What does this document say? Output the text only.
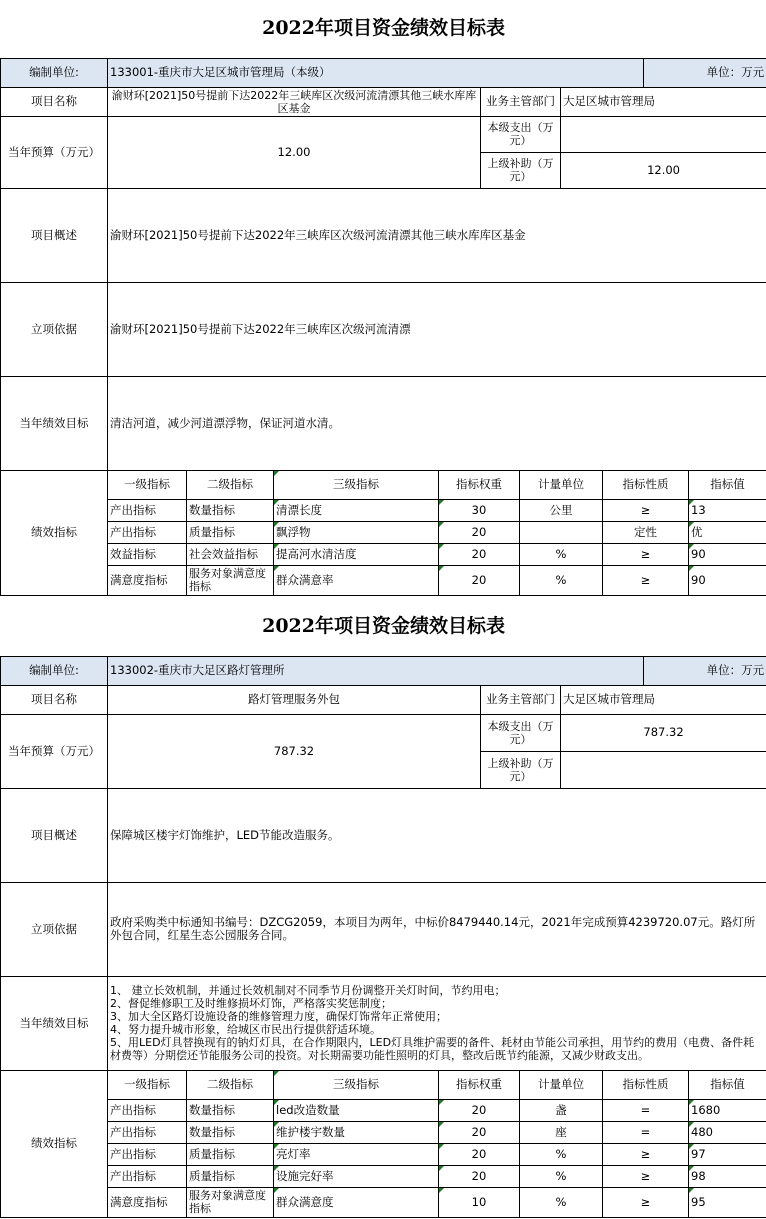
2022年项目资金绩效目标表										
编制单位:	133001-重庆市大足区城市管理局（本级）								单位：万元	
项目名称	渝财环[2021]50号提前下达2022年三峡库区次级河流清漂其他三峡水库库区基金				业务主管部门		大足区城市管理局			
当年预算（万元）	12.00				本级支出（万元）					
					上级补助（万元）		12.00			
项目概述	渝财环[2021]50号提前下达2022年三峡库区次级河流清漂其他三峡水库库区基金									
立项依据	渝财环[2021]50号提前下达2022年三峡库区次级河流清漂									
当年绩效目标	清洁河道，减少河道漂浮物，保证河道水清。									

绩效指标	一级指标	二级指标	三级指标	指标权重		计量单位		指标性质		指标值
	产出指标	数量指标	清漂长度	30		公里		≥		13
	产出指标	质量指标	飘浮物	20				定性		优
	效益指标	社会效益指标	提高河水清洁度	20		%		≥		90
	满意度指标	服务对象满意度指标	群众满意率	20		%		≥		90
2022年项目资金绩效目标表										
编制单位:	133002-重庆市大足区路灯管理所								单位：万元	
项目名称	路灯管理服务外包				业务主管部门		大足区城市管理局			
当年预算（万元）	787.32				本级支出（万元）		787.32			
					上级补助（万元）					
项目概述	保障城区楼宇灯饰维护，LED节能改造服务。									
立项依据	政府采购类中标通知书编号：DZCG2059，本项目为两年，中标价8479440.14元，2021年完成预算4239720.07元。路灯所外包合同，红星生态公园服务合同。									
当年绩效目标	1、 建立长效机制，并通过长效机制对不同季节月份调整开关灯时间，节约用电；
2、督促维修职工及时维修损坏灯饰，严格落实奖惩制度；
3、加大全区路灯设施设备的维修管理力度，确保灯饰常年正常使用；
4、努力提升城市形象，给城区市民出行提供舒适环境。
5、用LED灯具替换现有的钠灯灯具，在合作期限内，LED灯具维护需要的备件、耗材由节能公司承担，用节约的费用（电费、备件耗材费等）分期偿还节能服务公司的投资。对长期需要功能性照明的灯具，整改后既节约能源，又减少财政支出。									

绩效指标	一级指标	二级指标	三级指标	指标权重		计量单位		指标性质		指标值
	产出指标	数量指标	led改造数量	20		盏		=		1680
	产出指标	数量指标	维护楼宇数量	20		座		=		480
	产出指标	质量指标	亮灯率	20		%		≥		97
	产出指标	质量指标	设施完好率	20		%		≥		98
	满意度指标	服务对象满意度指标	群众满意度	10		%		≥		95
